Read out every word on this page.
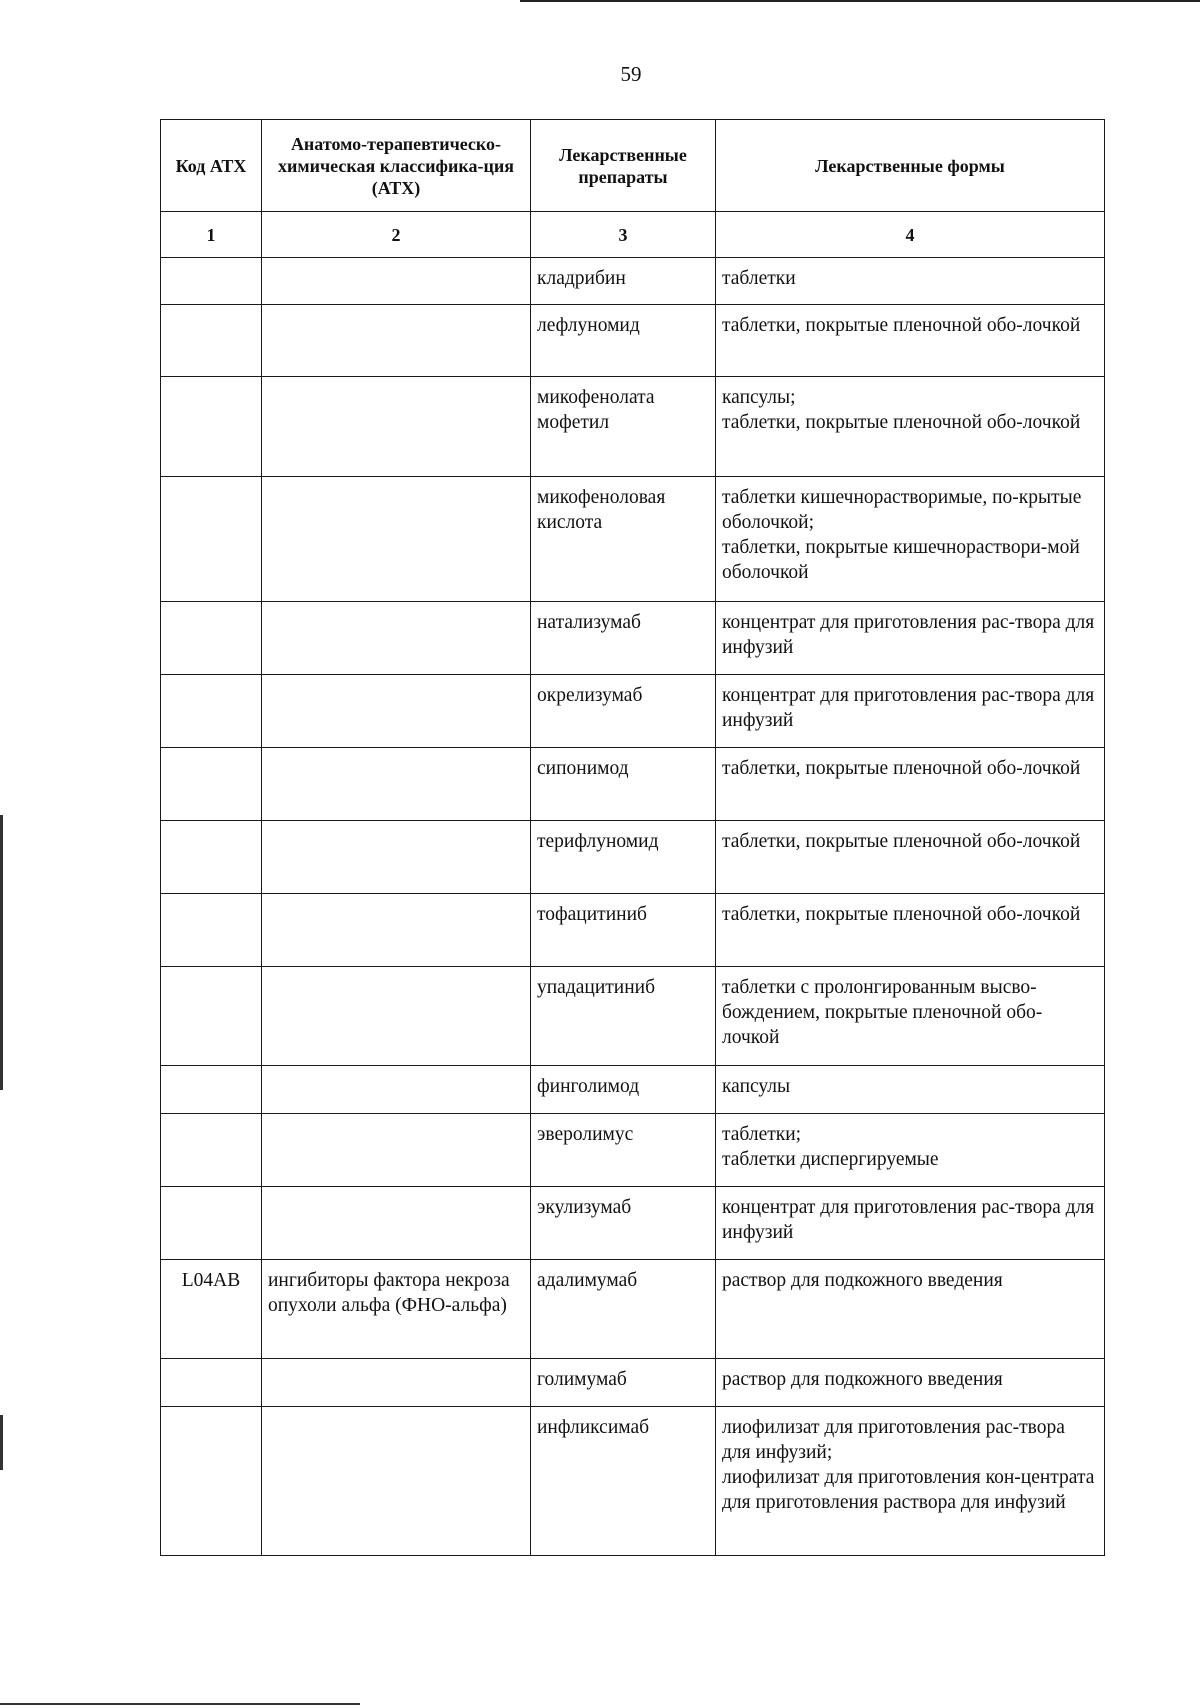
59
Код АТХ	Анатомо-терапевтическо-химическая классифика-ция (АТХ)	Лекарственные препараты	Лекарственные формы
1	2	3	4
		кладрибин	таблетки

		лефлуномид	таблетки, покрытые пленочной обо-лочкой

		микофенолата мофетил	капсулы;
таблетки, покрытые пленочной обо-лочкой

		микофеноловая кислота	таблетки кишечнорастворимые, по-крытые оболочкой;
таблетки, покрытые кишечнораствори-мой оболочкой

		натализумаб	концентрат для приготовления рас-твора для инфузий

		окрелизумаб	концентрат для приготовления рас-твора для инфузий

		сипонимод	таблетки, покрытые пленочной обо-лочкой

		терифлуномид	таблетки, покрытые пленочной обо-лочкой

		тофацитиниб	таблетки, покрытые пленочной обо-лочкой

		упадацитиниб	таблетки с пролонгированным высво-бождением, покрытые пленочной обо-лочкой

		финголимод	капсулы

		эверолимус	таблетки;
таблетки диспергируемые

		экулизумаб	концентрат для приготовления рас-твора для инфузий

L04AB	ингибиторы фактора некроза опухоли альфа (ФНО-альфа)	адалимумаб	раствор для подкожного введения

		голимумаб	раствор для подкожного введения

		инфликсимаб	лиофилизат для приготовления рас-твора для инфузий;
лиофилизат для приготовления кон-центрата для приготовления раствора для инфузий
